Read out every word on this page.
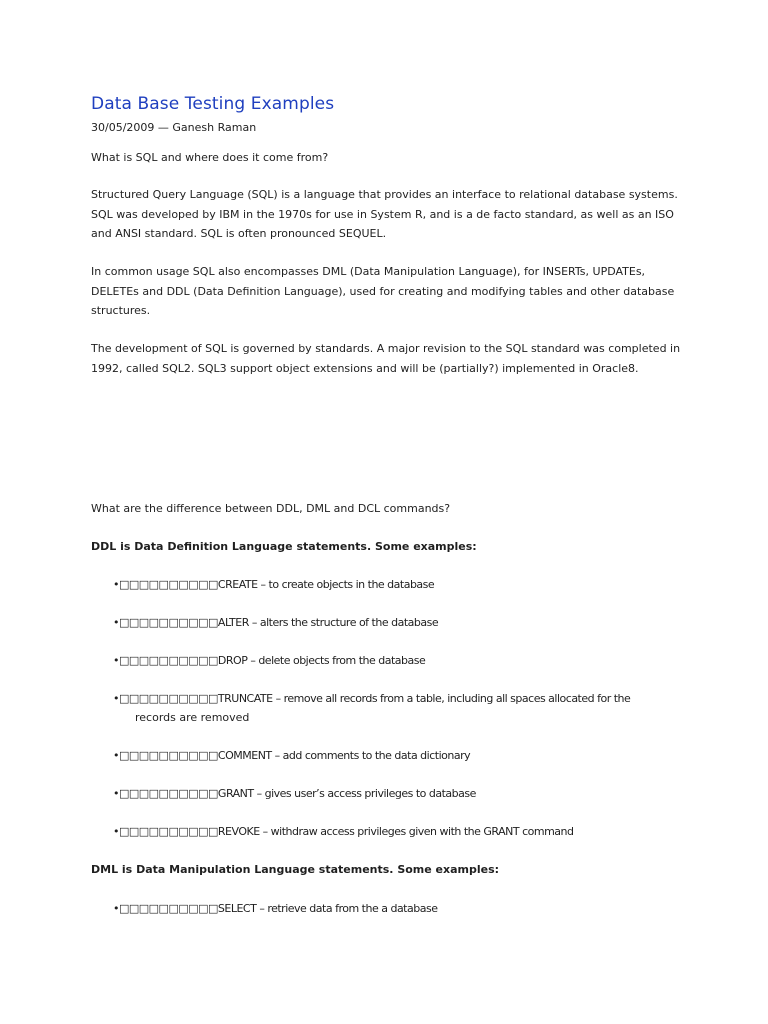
Data Base Testing Examples
30/05/2009 — Ganesh Raman

What is SQL and where does it come from?

Structured Query Language (SQL) is a language that provides an interface to relational database systems. SQL was developed by IBM in the 1970s for use in System R, and is a de facto standard, as well as an ISO and ANSI standard. SQL is often pronounced SEQUEL.

In common usage SQL also encompasses DML (Data Manipulation Language), for INSERTs, UPDATEs, DELETEs and DDL (Data Definition Language), used for creating and modifying tables and other database structures.

The development of SQL is governed by standards. A major revision to the SQL standard was completed in 1992, called SQL2. SQL3 support object extensions and will be (partially?) implemented in Oracle8.

What are the difference between DDL, DML and DCL commands?

DDL is Data Definition Language statements. Some examples:

•□□□□□□□□□□CREATE – to create objects in the database

•□□□□□□□□□□ALTER – alters the structure of the database

•□□□□□□□□□□DROP – delete objects from the database

•□□□□□□□□□□TRUNCATE – remove all records from a table, including all spaces allocated for the

records are removed

•□□□□□□□□□□COMMENT – add comments to the data dictionary

•□□□□□□□□□□GRANT – gives user’s access privileges to database

•□□□□□□□□□□REVOKE – withdraw access privileges given with the GRANT command

DML is Data Manipulation Language statements. Some examples:

•□□□□□□□□□□SELECT – retrieve data from the a database
